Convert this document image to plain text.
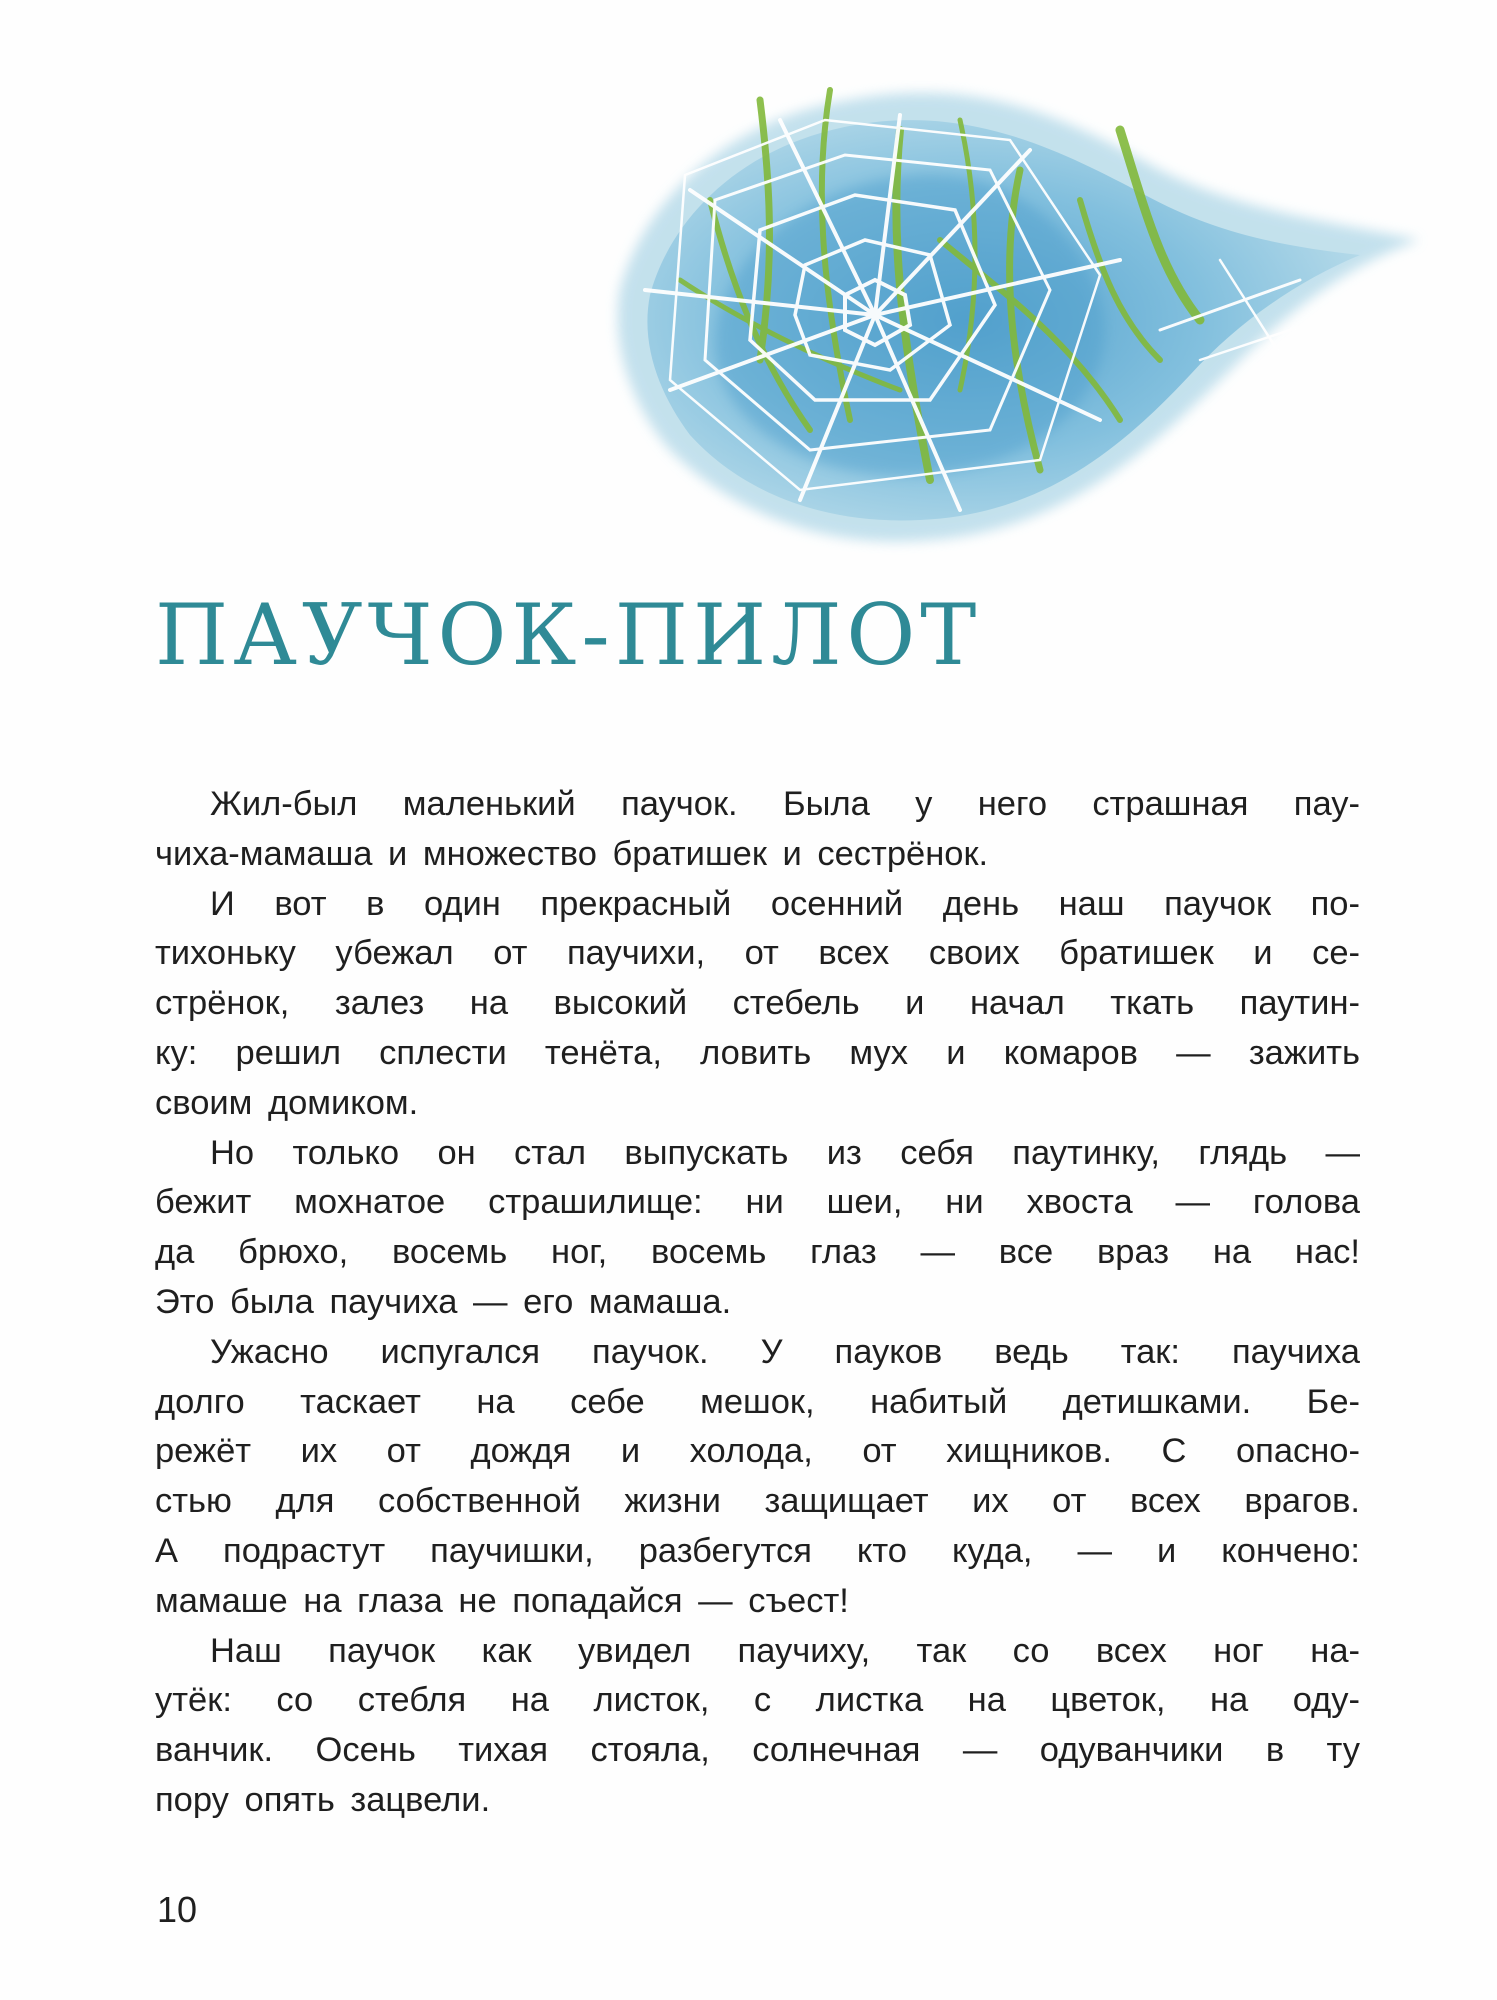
ПАУЧОК-ПИЛОТ

Жил-был маленький паучок. Была у него страшная пау-
чиха-мамаша и множество братишек и сестрёнок.

И вот в один прекрасный осенний день наш паучок по-
тихоньку убежал от паучихи, от всех своих братишек и се-
стрёнок, залез на высокий стебель и начал ткать паутин-
ку: решил сплести тенёта, ловить мух и комаров — зажить
своим домиком.

Но только он стал выпускать из себя паутинку, глядь —
бежит мохнатое страшилище: ни шеи, ни хвоста — голова
да брюхо, восемь ног, восемь глаз — все враз на нас!
Это была паучиха — его мамаша.

Ужасно испугался паучок. У пауков ведь так: паучиха
долго таскает на себе мешок, набитый детишками. Бе-
режёт их от дождя и холода, от хищников. С опасно-
стью для собственной жизни защищает их от всех врагов.
А подрастут паучишки, разбегутся кто куда, — и кончено:
мамаше на глаза не попадайся — съест!

Наш паучок как увидел паучиху, так со всех ног на-
утёк: со стебля на листок, с листка на цветок, на оду-
ванчик. Осень тихая стояла, солнечная — одуванчики в ту
пору опять зацвели.

10
